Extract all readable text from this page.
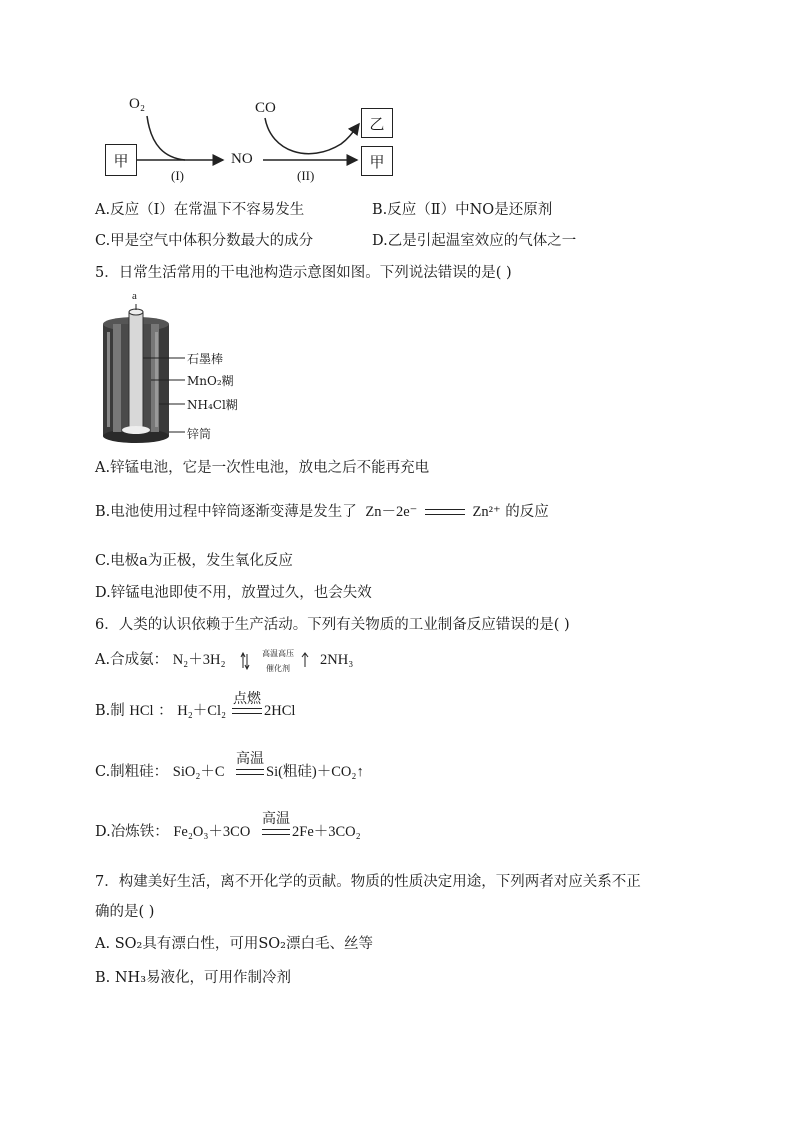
O₂	CO
甲	NO
乙
甲
(I)	(II)
A.反应（Ⅰ）在常温下不容易发生	B.反应（Ⅱ）中NO是还原剂
C.甲是空气中体积分数最大的成分	D.乙是引起温室效应的气体之一
5．日常生活常用的干电池构造示意图如图。下列说法错误的是( )
a
石墨棒
MnO₂糊
NH₄Cl糊
锌筒
A.锌锰电池，它是一次性电池，放电之后不能再充电
B.电池使用过程中锌筒逐渐变薄是发生了 Zn－2e⁻	Zn²⁺ 的反应
C.电极a为正极，发生氧化反应
D.锌锰电池即使不用，放置过久，也会失效
6．人类的认识依赖于生产活动。下列有关物质的工业制备反应错误的是( )
A.合成氨： N₂＋3H₂	高温高压
催化剂
2NH₃
B.制 HCl ： H₂＋Cl₂
点燃
2HCl
C.制粗硅： SiO₂＋C
高温
Si(粗硅)＋CO₂↑
D.冶炼铁： Fe₂O₃＋3CO
高温
2Fe＋3CO₂
7．构建美好生活，离不开化学的贡献。物质的性质决定用途，下列两者对应关系不正
确的是( )
A. SO₂具有漂白性，可用SO₂漂白毛、丝等
B. NH₃易液化，可用作制冷剂
